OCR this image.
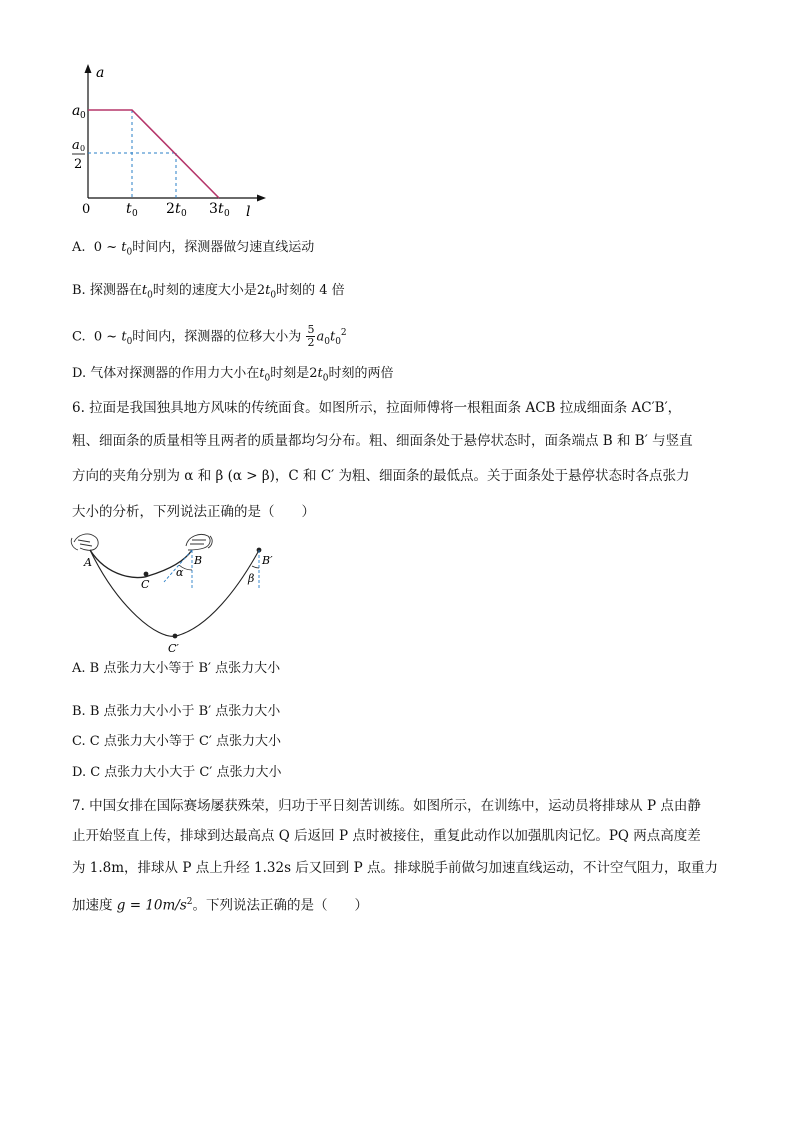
a
l
0
a 0
a 0
2
t 0 2 t 0 3 t 0
A. 0 ~ $t_0$时间内，探测器做匀速直线运动
B. 探测器在$t_0$时刻的速度大小是$2t_0$时刻的 4 倍
C. 0 ~ $t_0$时间内，探测器的位移大小为 $\frac{5}{2} a_0t_0^2$
D. 气体对探测器的作用力大小在$t_0$时刻是$2t_0$时刻的两倍
6. 拉面是我国独具地方风味的传统面食。如图所示，拉面师傅将一根粗面条 ACB 拉成细面条 AC′B′，
粗、细面条的质量相等且两者的质量都均匀分布。粗、细面条处于悬停状态时，面条端点 B 和 B′ 与竖直
方向的夹角分别为 α 和 β (α > β)，C 和 C′ 为粗、细面条的最低点。关于面条处于悬停状态时各点张力
大小的分析，下列说法正确的是（　　）
A
C
B
α
B′
β
C′
A. B 点张力大小等于 B′ 点张力大小
B. B 点张力大小小于 B′ 点张力大小
C. C 点张力大小等于 C′ 点张力大小
D. C 点张力大小大于 C′ 点张力大小
7. 中国女排在国际赛场屡获殊荣，归功于平日刻苦训练。如图所示，在训练中，运动员将排球从 P 点由静
止开始竖直上传，排球到达最高点 Q 后返回 P 点时被接住，重复此动作以加强肌肉记忆。PQ 两点高度差
为 1.8m，排球从 P 点上升经 1.32s 后又回到 P 点。排球脱手前做匀加速直线运动，不计空气阻力，取重力
加速度 $g = 10m/s^2$。下列说法正确的是（　　）
